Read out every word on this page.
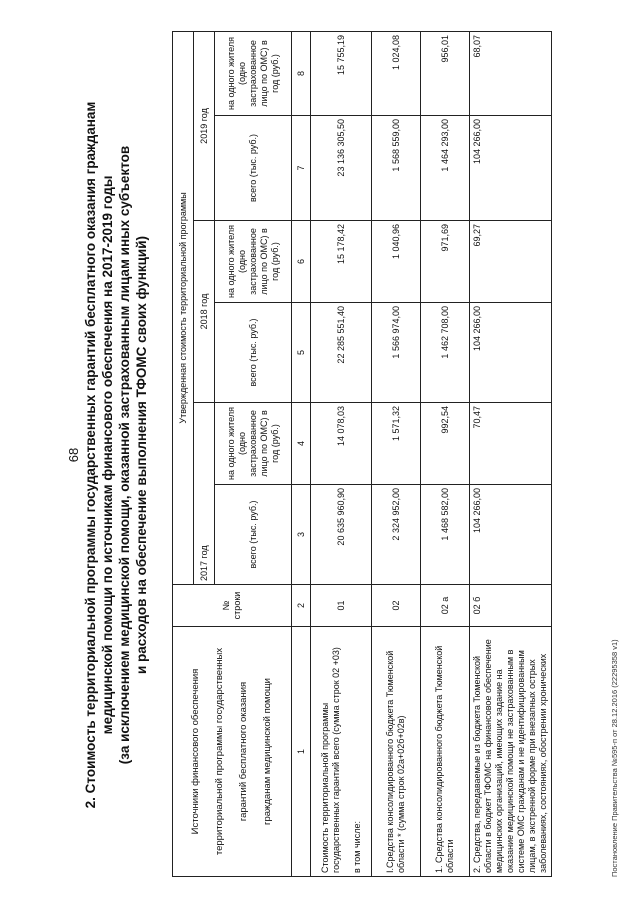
68 2. Стоимость территориальной программы государственных гарантий бесплатного оказания гражданам медицинской помощи по источникам финансового обеспечения на 2017-2019 годы (за исключением медицинской помощи, оказанной застрахованным лицам иных субъектов и расходов на обеспечение выполнения ТФОМС своих функций)
Источники финансового обеспечения территориальной программы государственных гарантий бесплатного оказания гражданам медицинской помощи	№ строки	Утвержденная стоимость территориальной программы					
		2017 год		2018 год		2019 год	
		всего (тыс. руб.)	на одного жителя (одно застрахованное лицо по ОМС) в год (руб.)	всего (тыс. руб.)	на одного жителя (одно застрахованное лицо по ОМС) в год (руб.)	всего (тыс. руб.)	на одного жителя (одно застрахованное лицо по ОМС) в год (руб.)
1	2	3	4	5	6	7	8
Стоимость территориальной программы государственных гарантий всего (сумма строк 02 +03) в том числе:	01	20 635 960,90	14 078,03	22 285 551,40	15 178,42	23 136 305,50	15 755,19
I.Средства консолидированного бюджета Тюменской области * (сумма строк 02а+02б+02в)	02	2 324 952,00	1 571,32	1 566 974,00	1 040,96	1 568 559,00	1 024,08
1. Средства консолидированного бюджета Тюменской области	02 а	1 468 582,00	992,54	1 462 708,00	971,69	1 464 293,00	956,01
2. Средства, передаваемые из бюджета Тюменской области в бюджет ТФОМС на финансовое обеспечение медицинских организаций, имеющих задание на оказание медицинской помощи не застрахованным в системе ОМС гражданам и не идентифицированным лицам, в экстренной форме при внезапных острых заболеваниях, состояниях, обострении хронических	02 б	104 266,00	70,47	104 266,00	69,27	104 266,00	68,07
Постановление Правительства №595-п от 28.12.2016 (22295358 v1)
